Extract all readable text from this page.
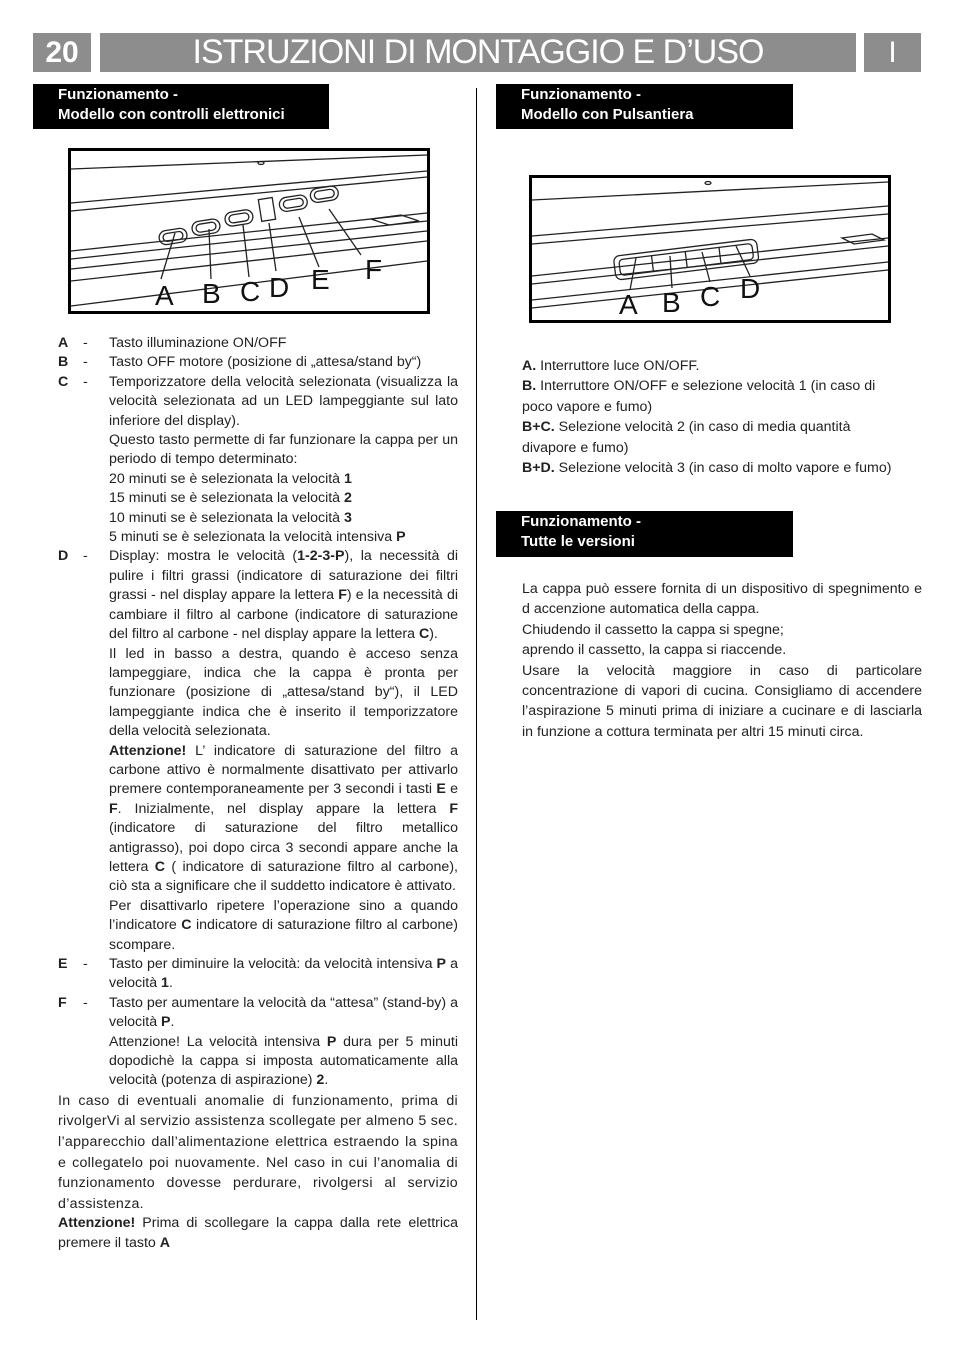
20	ISTRUZIONI DI MONTAGGIO E D’USO	I
Funzionamento -
Modello con controlli elettronici
Funzionamento -
Modello con Pulsantiera
A B C D E F
A B C D
A	-	Tasto illuminazione ON/OFF
B	-	Tasto OFF motore (posizione di „attesa/stand by“)
C	-	Temporizzatore della velocità selezionata (visualizza la velocità selezionata ad un LED lampeggiante sul lato inferiore del display).

Questo tasto permette di far funzionare la cappa per un periodo di tempo determinato:

20 minuti se è selezionata la velocità 1

15 minuti se è selezionata la velocità 2

10 minuti se è selezionata la velocità 3

5 minuti se è selezionata la velocità intensiva P

D	-	Display: mostra le velocità (1-2-3-P), la necessità di pulire i filtri grassi (indicatore di saturazione dei filtri grassi - nel display appare la lettera F) e la necessità di cambiare il filtro al carbone (indicatore di saturazione del filtro al carbone - nel display appare la lettera C).

Il led in basso a destra, quando è acceso senza lampeggiare, indica che la cappa è pronta per funzionare (posizione di „attesa/stand by“), il LED lampeggiante indica che è inserito il temporizzatore della velocità selezionata.

Attenzione! L’ indicatore di saturazione del filtro a carbone attivo è normalmente disattivato per attivarlo premere contemporaneamente per 3 secondi i tasti E e F. Inizialmente, nel display appare la lettera F (indicatore di saturazione del filtro metallico antigrasso), poi dopo circa 3 secondi appare anche la lettera C ( indicatore di saturazione filtro al carbone), ciò sta a significare che il suddetto indicatore è attivato.

Per disattivarlo ripetere l’operazione sino a quando l’indicatore C indicatore di saturazione filtro al carbone) scompare.

E	-	Tasto per diminuire la velocità: da velocità intensiva P a velocità 1.

F	-	Tasto per aumentare la velocità da “attesa” (stand-by) a velocità P.

Attenzione! La velocità intensiva P dura per 5 minuti dopodichè la cappa si imposta automaticamente alla velocità (potenza di aspirazione) 2.

In caso di eventuali anomalie di funzionamento, prima di rivolgerVi al servizio assistenza scollegate per almeno 5 sec. l’apparecchio dall’alimentazione elettrica estraendo la spina e collegatelo poi nuovamente. Nel caso in cui l’anomalia di funzionamento dovesse perdurare, rivolgersi al servizio d’assistenza.

Attenzione! Prima di scollegare la cappa dalla rete elettrica premere il tasto A

A. Interruttore luce ON/OFF.
B. Interruttore ON/OFF e selezione velocità 1 (in caso di
poco vapore e fumo)
B+C. Selezione velocità 2 (in caso di media quantità
divapore e fumo)
B+D. Selezione velocità 3 (in caso di molto vapore e fumo)
Funzionamento -
Tutte le versioni

La cappa può essere fornita di un dispositivo di spegnimento e d accenzione automatica della cappa.

Chiudendo il cassetto la cappa si spegne;

aprendo il cassetto, la cappa si riaccende.

Usare la velocità maggiore in caso di particolare concentrazione di vapori di cucina. Consigliamo di accendere l’aspirazione 5 minuti prima di iniziare a cucinare e di lasciarla in funzione a cottura terminata per altri 15 minuti circa.
